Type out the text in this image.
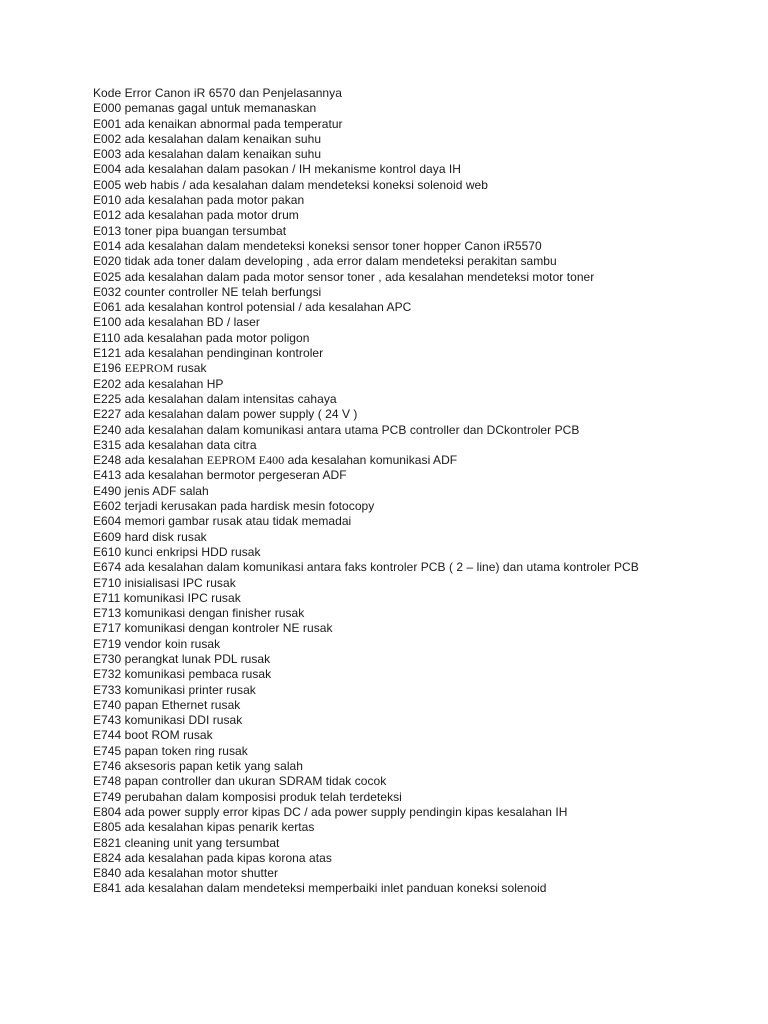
Kode Error Canon iR 6570 dan Penjelasannya
E000 pemanas gagal untuk memanaskan
E001 ada kenaikan abnormal pada temperatur
E002 ada kesalahan dalam kenaikan suhu
E003 ada kesalahan dalam kenaikan suhu
E004 ada kesalahan dalam pasokan / IH mekanisme kontrol daya IH
E005 web habis / ada kesalahan dalam mendeteksi koneksi solenoid web
E010 ada kesalahan pada motor pakan
E012 ada kesalahan pada motor drum
E013 toner pipa buangan tersumbat
E014 ada kesalahan dalam mendeteksi koneksi sensor toner hopper Canon iR5570
E020 tidak ada toner dalam developing , ada error dalam mendeteksi perakitan sambu
E025 ada kesalahan dalam pada motor sensor toner , ada kesalahan mendeteksi motor toner
E032 counter controller NE telah berfungsi
E061 ada kesalahan kontrol potensial / ada kesalahan APC
E100 ada kesalahan BD / laser
E110 ada kesalahan pada motor poligon
E121 ada kesalahan pendinginan kontroler
E196 EEPROM rusak
E202 ada kesalahan HP
E225 ada kesalahan dalam intensitas cahaya
E227 ada kesalahan dalam power supply ( 24 V )
E240 ada kesalahan dalam komunikasi antara utama PCB controller dan DCkontroler PCB
E315 ada kesalahan data citra
E248 ada kesalahan EEPROM E400 ada kesalahan komunikasi ADF
E413 ada kesalahan bermotor pergeseran ADF
E490 jenis ADF salah
E602 terjadi kerusakan pada hardisk mesin fotocopy
E604 memori gambar rusak atau tidak memadai
E609 hard disk rusak
E610 kunci enkripsi HDD rusak
E674 ada kesalahan dalam komunikasi antara faks kontroler PCB ( 2 – line) dan utama kontroler PCB
E710 inisialisasi IPC rusak
E711 komunikasi IPC rusak
E713 komunikasi dengan finisher rusak
E717 komunikasi dengan kontroler NE rusak
E719 vendor koin rusak
E730 perangkat lunak PDL rusak
E732 komunikasi pembaca rusak
E733 komunikasi printer rusak
E740 papan Ethernet rusak
E743 komunikasi DDI rusak
E744 boot ROM rusak
E745 papan token ring rusak
E746 aksesoris papan ketik yang salah
E748 papan controller dan ukuran SDRAM tidak cocok
E749 perubahan dalam komposisi produk telah terdeteksi
E804 ada power supply error kipas DC / ada power supply pendingin kipas kesalahan IH
E805 ada kesalahan kipas penarik kertas
E821 cleaning unit yang tersumbat
E824 ada kesalahan pada kipas korona atas
E840 ada kesalahan motor shutter
E841 ada kesalahan dalam mendeteksi memperbaiki inlet panduan koneksi solenoid
